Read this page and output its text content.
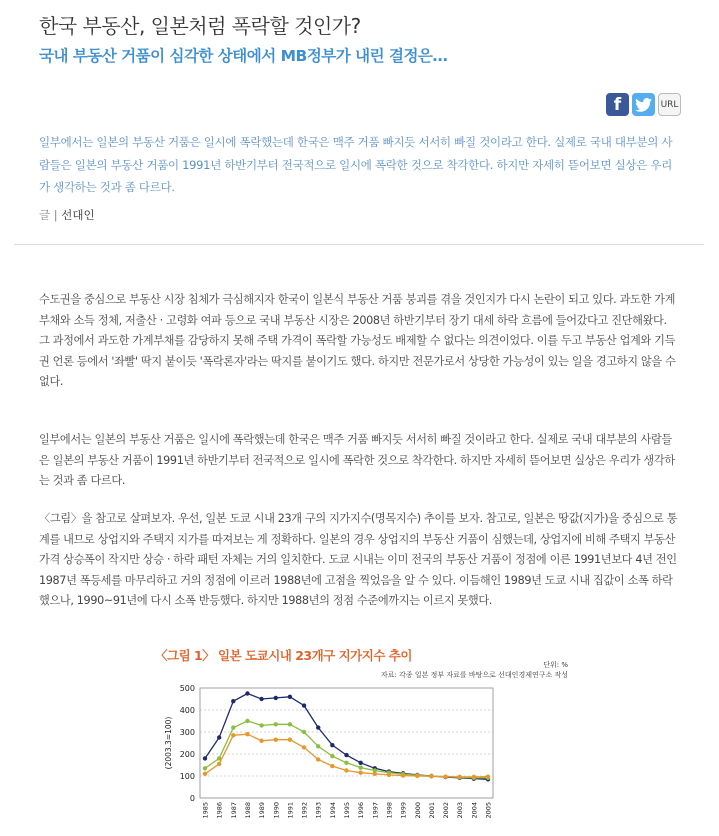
한국 부동산, 일본처럼 폭락할 것인가?
국내 부동산 거품이 심각한 상태에서 MB정부가 내린 결정은…
f	URL

일부에서는 일본의 부동산 거품은 일시에 폭락했는데 한국은 맥주 거품 빠지듯 서서히 빠질 것이라고 한다. 실제로 국내 대부분의 사람들은 일본의 부동산 거품이 1991년 하반기부터 전국적으로 일시에 폭락한 것으로 착각한다. 하지만 자세히 뜯어보면 실상은 우리가 생각하는 것과 좀 다르다.

글 | 선대인

수도권을 중심으로 부동산 시장 침체가 극심해지자 한국이 일본식 부동산 거품 붕괴를 겪을 것인지가 다시 논란이 되고 있다. 과도한 가계부채와 소득 정체, 저출산 · 고령화 여파 등으로 국내 부동산 시장은 2008년 하반기부터 장기 대세 하락 흐름에 들어갔다고 진단해왔다. 그 과정에서 과도한 가계부채를 감당하지 못해 주택 가격이 폭락할 가능성도 배제할 수 없다는 의견이었다. 이를 두고 부동산 업계와 기득권 언론 등에서 '좌빨' 딱지 붙이듯 '폭락론자'라는 딱지를 붙이기도 했다. 하지만 전문가로서 상당한 가능성이 있는 일을 경고하지 않을 수 없다.

일부에서는 일본의 부동산 거품은 일시에 폭락했는데 한국은 맥주 거품 빠지듯 서서히 빠질 것이라고 한다. 실제로 국내 대부분의 사람들은 일본의 부동산 거품이 1991년 하반기부터 전국적으로 일시에 폭락한 것으로 착각한다. 하지만 자세히 뜯어보면 실상은 우리가 생각하는 것과 좀 다르다.

〈그림〉을 참고로 살펴보자. 우선, 일본 도쿄 시내 23개 구의 지가지수(명목지수) 추이를 보자. 참고로, 일본은 땅값(지가)을 중심으로 통계를 내므로 상업지와 주택지 지가를 따져보는 게 정확하다. 일본의 경우 상업지의 부동산 거품이 심했는데, 상업지에 비해 주택지 부동산 가격 상승폭이 작지만 상승 · 하락 패턴 자체는 거의 일치한다. 도쿄 시내는 이미 전국의 부동산 거품이 정점에 이른 1991년보다 4년 전인 1987년 폭등세를 마무리하고 거의 정점에 이르러 1988년에 고점을 찍었음을 알 수 있다. 이듬해인 1989년 도쿄 시내 집값이 소폭 하락했으나, 1990~91년에 다시 소폭 반등했다. 하지만 1988년의 정점 수준에까지는 이르지 못했다.

〈그림 1〉 일본 도쿄시내 23개구 지가지수 추이

단위: %
자료: 각종 일본 정부 자료를 바탕으로 선대인경제연구소 작성
0
100
200
300
400
500
(2003.3=100)
1985 1986 1987 1988 1989 1990 1991 1992 1993 1994 1995 1996 1997 1998 1999 2000 2001 2002 2003 2004 2005
